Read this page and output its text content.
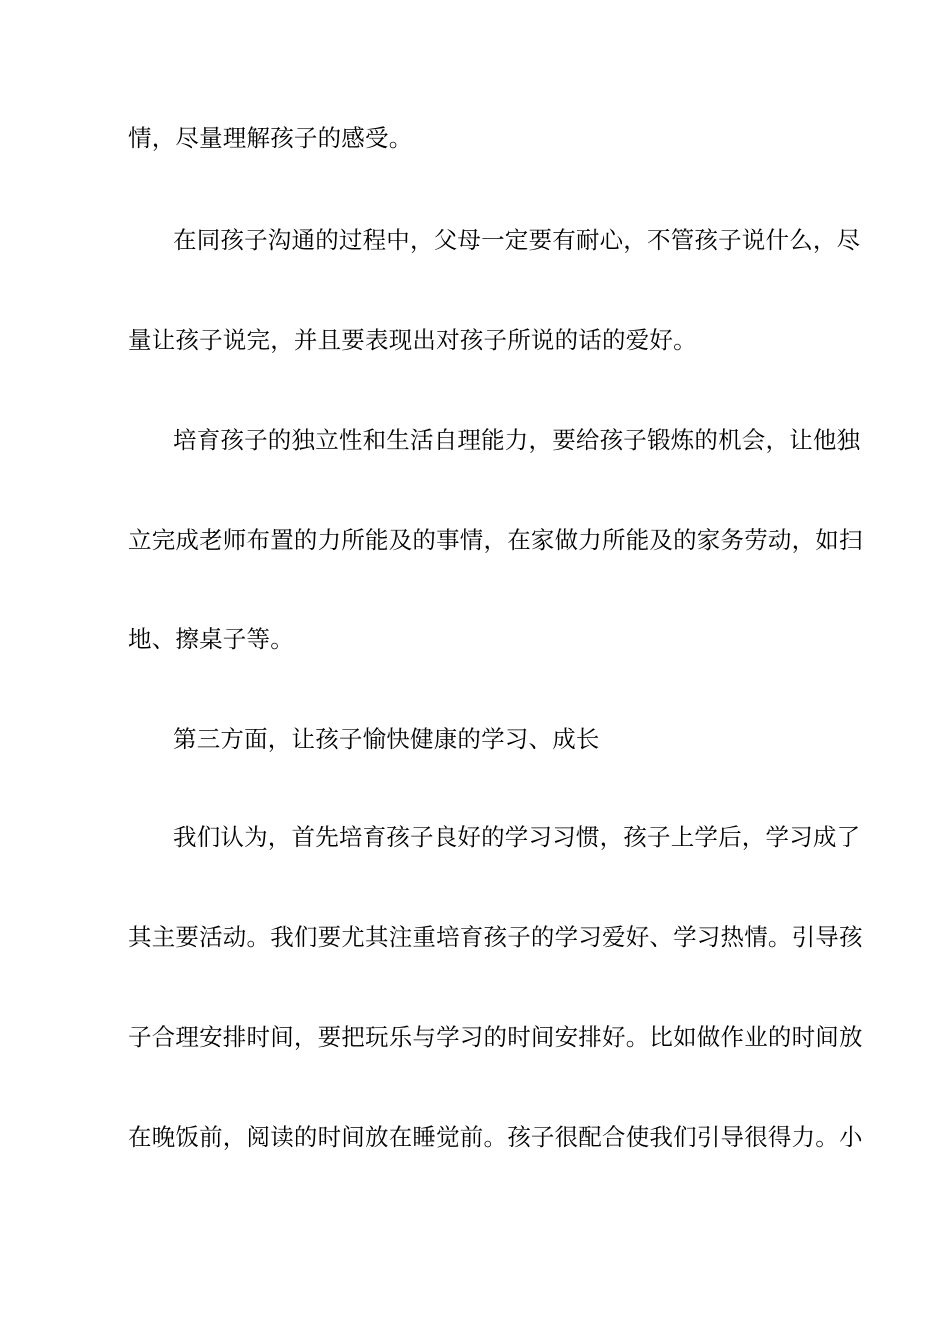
情，尽量理解孩子的感受。
在同孩子沟通的过程中，父母一定要有耐心，不管孩子说什么，尽
量让孩子说完，并且要表现出对孩子所说的话的爱好。
培育孩子的独立性和生活自理能力，要给孩子锻炼的机会，让他独
立完成老师布置的力所能及的事情，在家做力所能及的家务劳动，如扫
地、擦桌子等。
第三方面，让孩子愉快健康的学习、成长
我们认为，首先培育孩子良好的学习习惯，孩子上学后，学习成了
其主要活动。我们要尤其注重培育孩子的学习爱好、学习热情。引导孩
子合理安排时间，要把玩乐与学习的时间安排好。比如做作业的时间放
在晚饭前，阅读的时间放在睡觉前。孩子很配合使我们引导很得力。小
